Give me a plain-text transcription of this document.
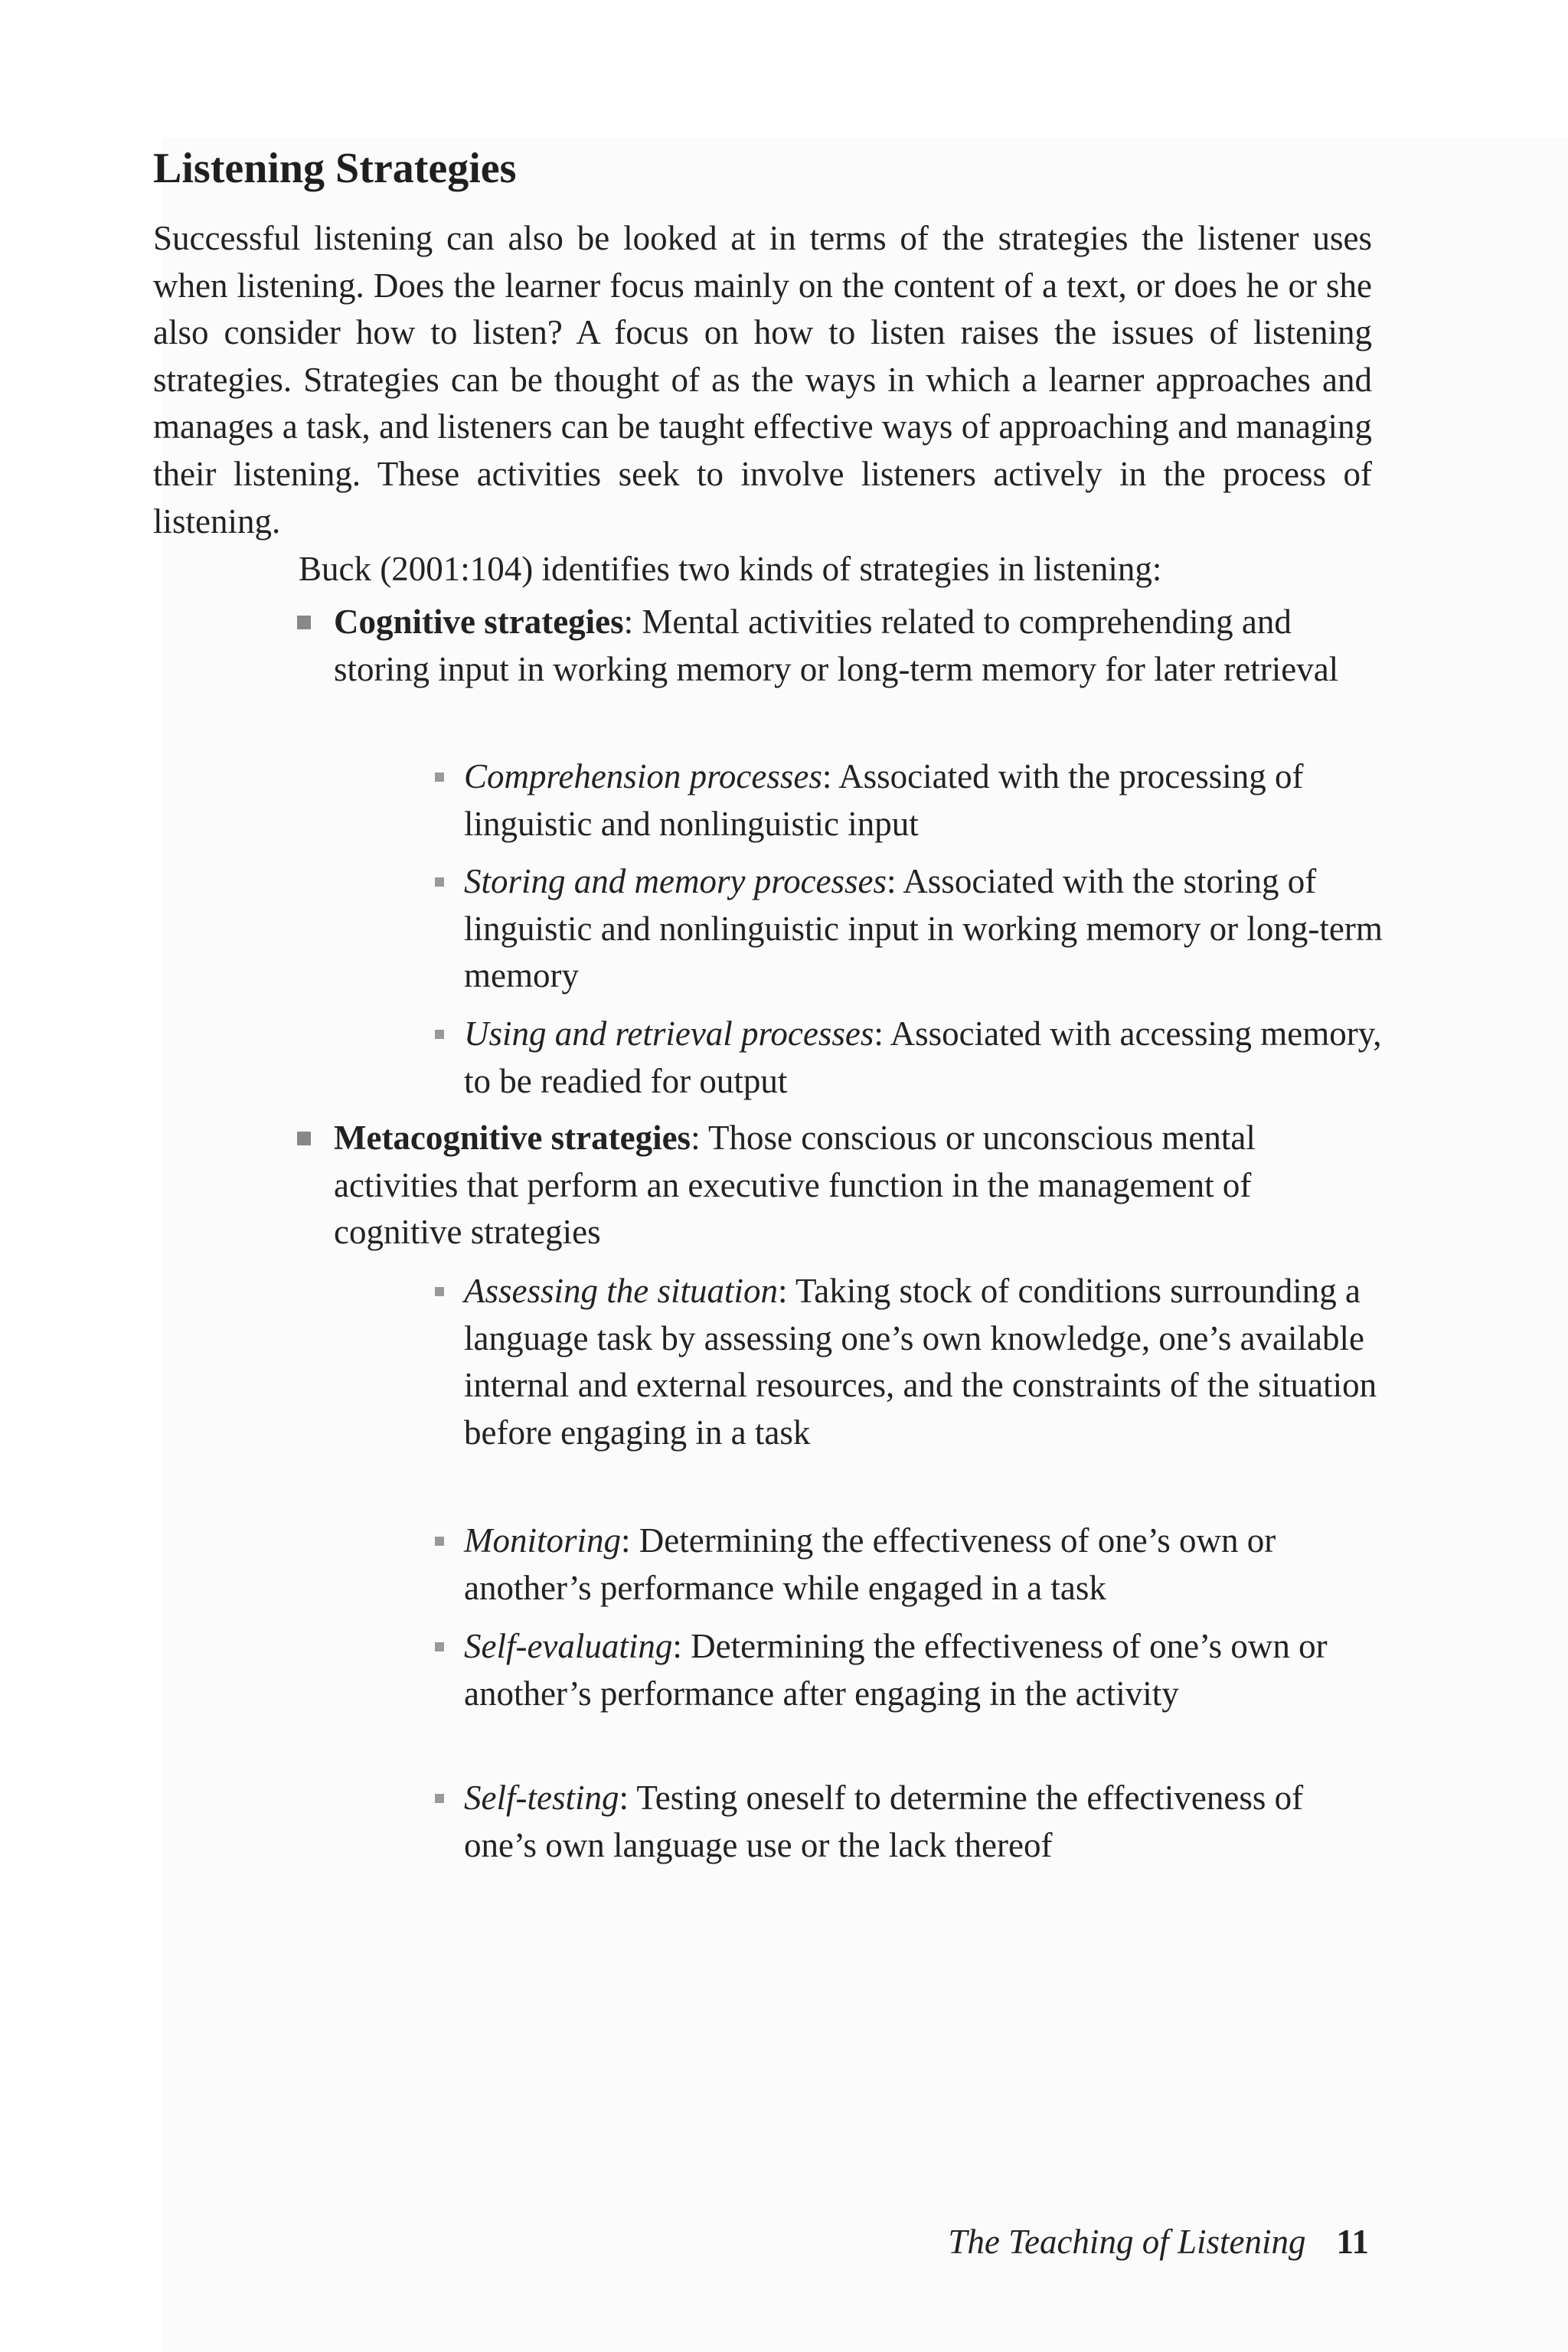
Listening Strategies

Successful listening can also be looked at in terms of the strategies the listener uses when listening. Does the learner focus mainly on the content of a text, or does he or she also consider how to listen? A focus on how to listen raises the issues of listening strategies. Strategies can be thought of as the ways in which a learner approaches and manages a task, and listeners can be taught effective ways of approaching and managing their listening. These activities seek to involve listeners actively in the process of listening.

Buck (2001:104) identifies two kinds of strategies in listening:

Cognitive strategies: Mental activities related to comprehending and storing input in working memory or long-term memory for later retrieval
Comprehension processes: Associated with the processing of linguistic and nonlinguistic input
Storing and memory processes: Associated with the storing of linguistic and nonlinguistic input in working memory or long-term memory
Using and retrieval processes: Associated with accessing memory, to be readied for output
Metacognitive strategies: Those conscious or unconscious mental activities that perform an executive function in the management of cognitive strategies
Assessing the situation: Taking stock of conditions surrounding a language task by assessing one’s own knowledge, one’s available internal and external resources, and the constraints of the situation before engaging in a task
Monitoring: Determining the effectiveness of one’s own or another’s performance while engaged in a task
Self-evaluating: Determining the effectiveness of one’s own or another’s performance after engaging in the activity
Self-testing: Testing oneself to determine the effectiveness of one’s own language use or the lack thereof
The Teaching of Listening 11
